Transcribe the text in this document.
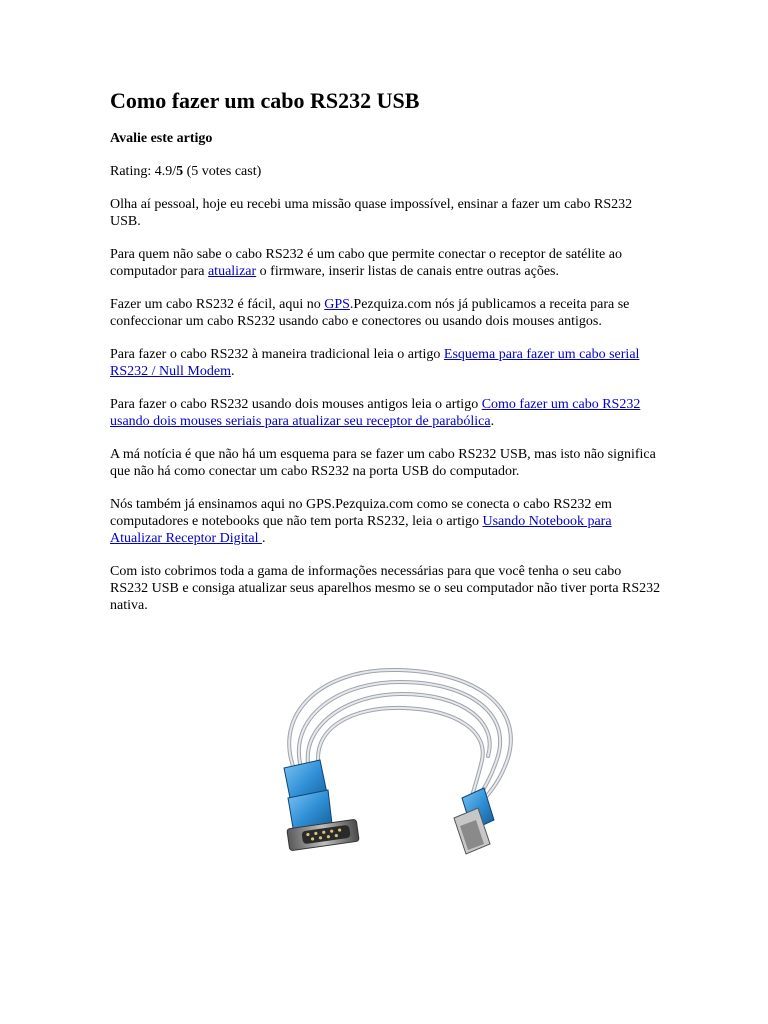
Como fazer um cabo RS232 USB
Avalie este artigo

Rating: 4.9/5 (5 votes cast)

Olha aí pessoal, hoje eu recebi uma missão quase impossível, ensinar a fazer um cabo RS232 USB.

Para quem não sabe o cabo RS232 é um cabo que permite conectar o receptor de satélite ao computador para atualizar o firmware, inserir listas de canais entre outras ações.

Fazer um cabo RS232 é fácil, aqui no GPS.Pezquiza.com nós já publicamos a receita para se confeccionar um cabo RS232 usando cabo e conectores ou usando dois mouses antigos.

Para fazer o cabo RS232 à maneira tradicional leia o artigo Esquema para fazer um cabo serial RS232 / Null Modem.

Para fazer o cabo RS232 usando dois mouses antigos leia o artigo Como fazer um cabo RS232 usando dois mouses seriais para atualizar seu receptor de parabólica.

A má notícia é que não há um esquema para se fazer um cabo RS232 USB, mas isto não significa que não há como conectar um cabo RS232 na porta USB do computador.

Nós também já ensinamos aqui no GPS.Pezquiza.com como se conecta o cabo RS232 em computadores e notebooks que não tem porta RS232, leia o artigo Usando Notebook para Atualizar Receptor Digital .

Com isto cobrimos toda a gama de informações necessárias para que você tenha o seu cabo RS232 USB e consiga atualizar seus aparelhos mesmo se o seu computador não tiver porta RS232 nativa.
